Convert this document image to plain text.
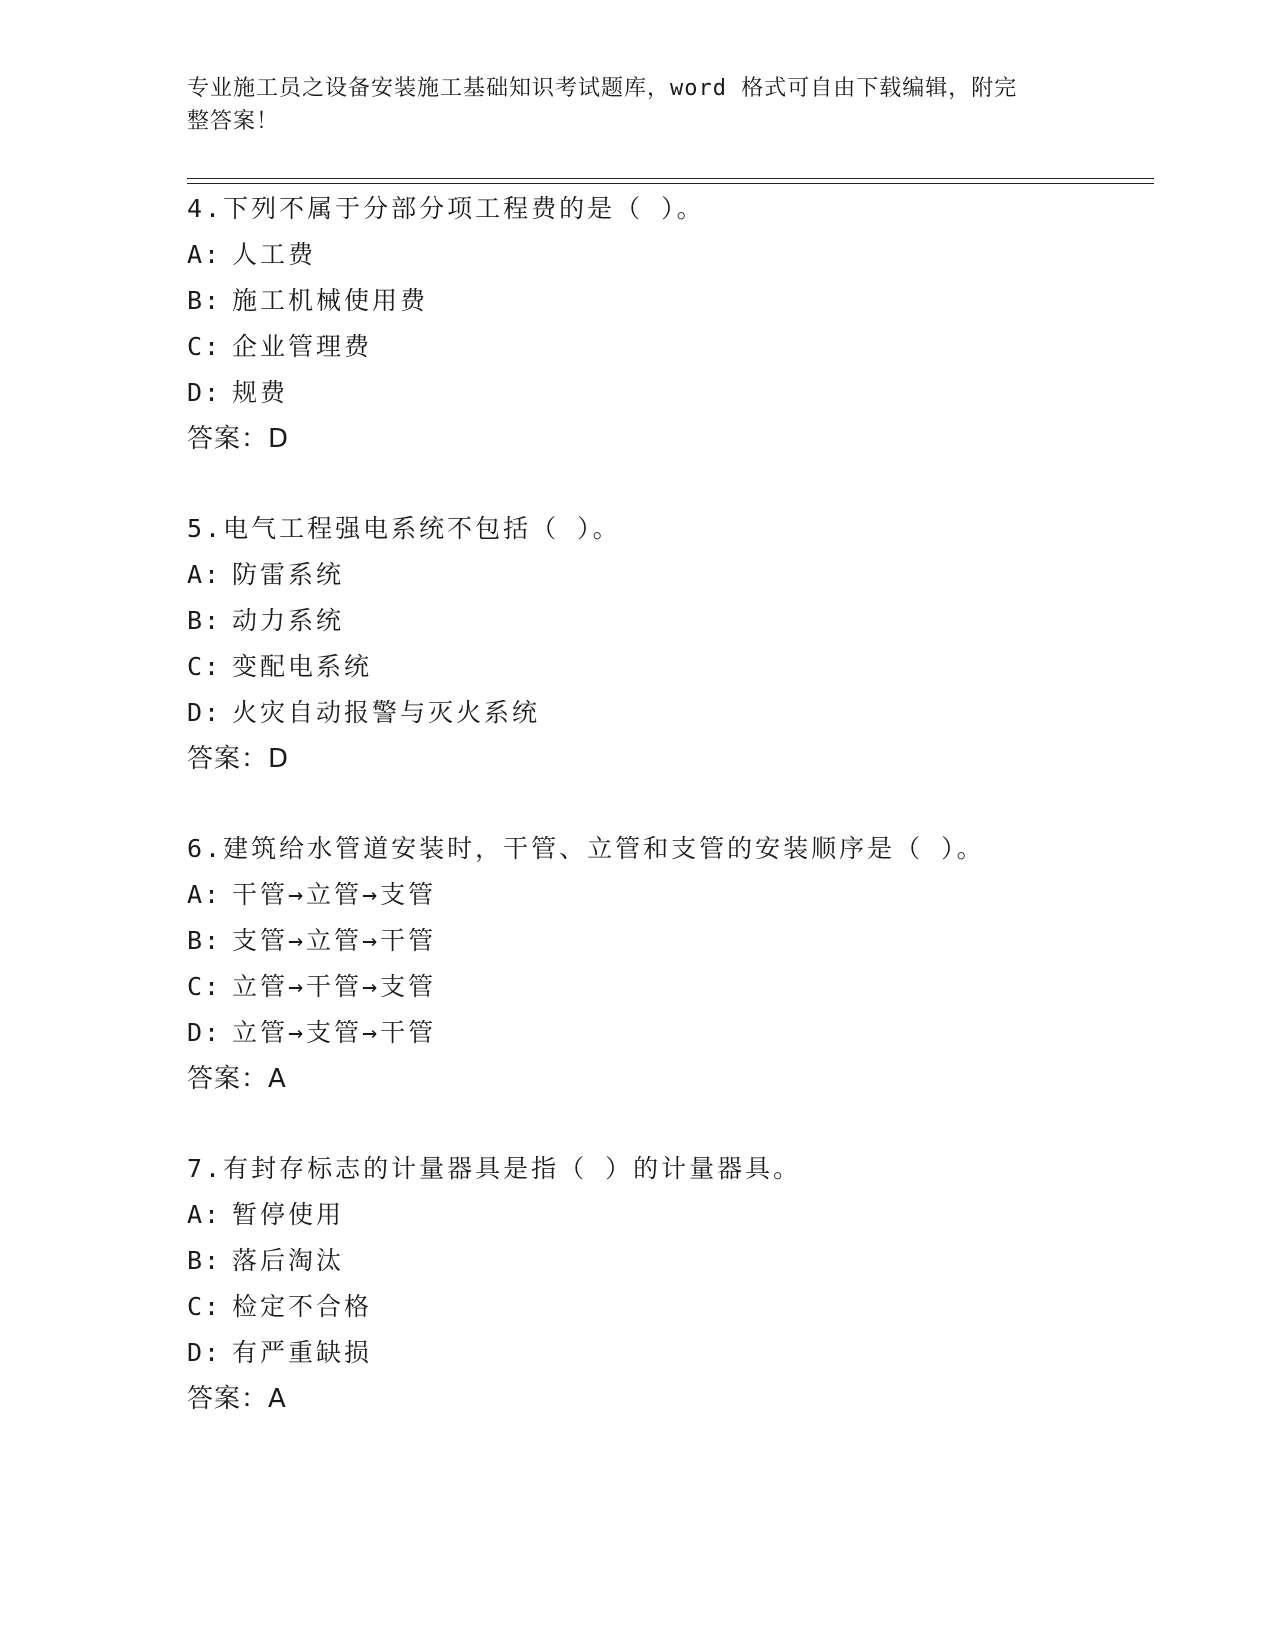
专业施工员之设备安装施工基础知识考试题库，word 格式可自由下载编辑，附完
整答案！
4.下列不属于分部分项工程费的是（ ）。
A: 人工费
B: 施工机械使用费
C: 企业管理费
D: 规费
答案：D
5.电气工程强电系统不包括（ ）。
A: 防雷系统
B: 动力系统
C: 变配电系统
D: 火灾自动报警与灭火系统
答案：D
6.建筑给水管道安装时，干管、立管和支管的安装顺序是（ ）。
A: 干管→立管→支管
B: 支管→立管→干管
C: 立管→干管→支管
D: 立管→支管→干管
答案：A
7.有封存标志的计量器具是指（ ）的计量器具。
A: 暂停使用
B: 落后淘汰
C: 检定不合格
D: 有严重缺损
答案：A
